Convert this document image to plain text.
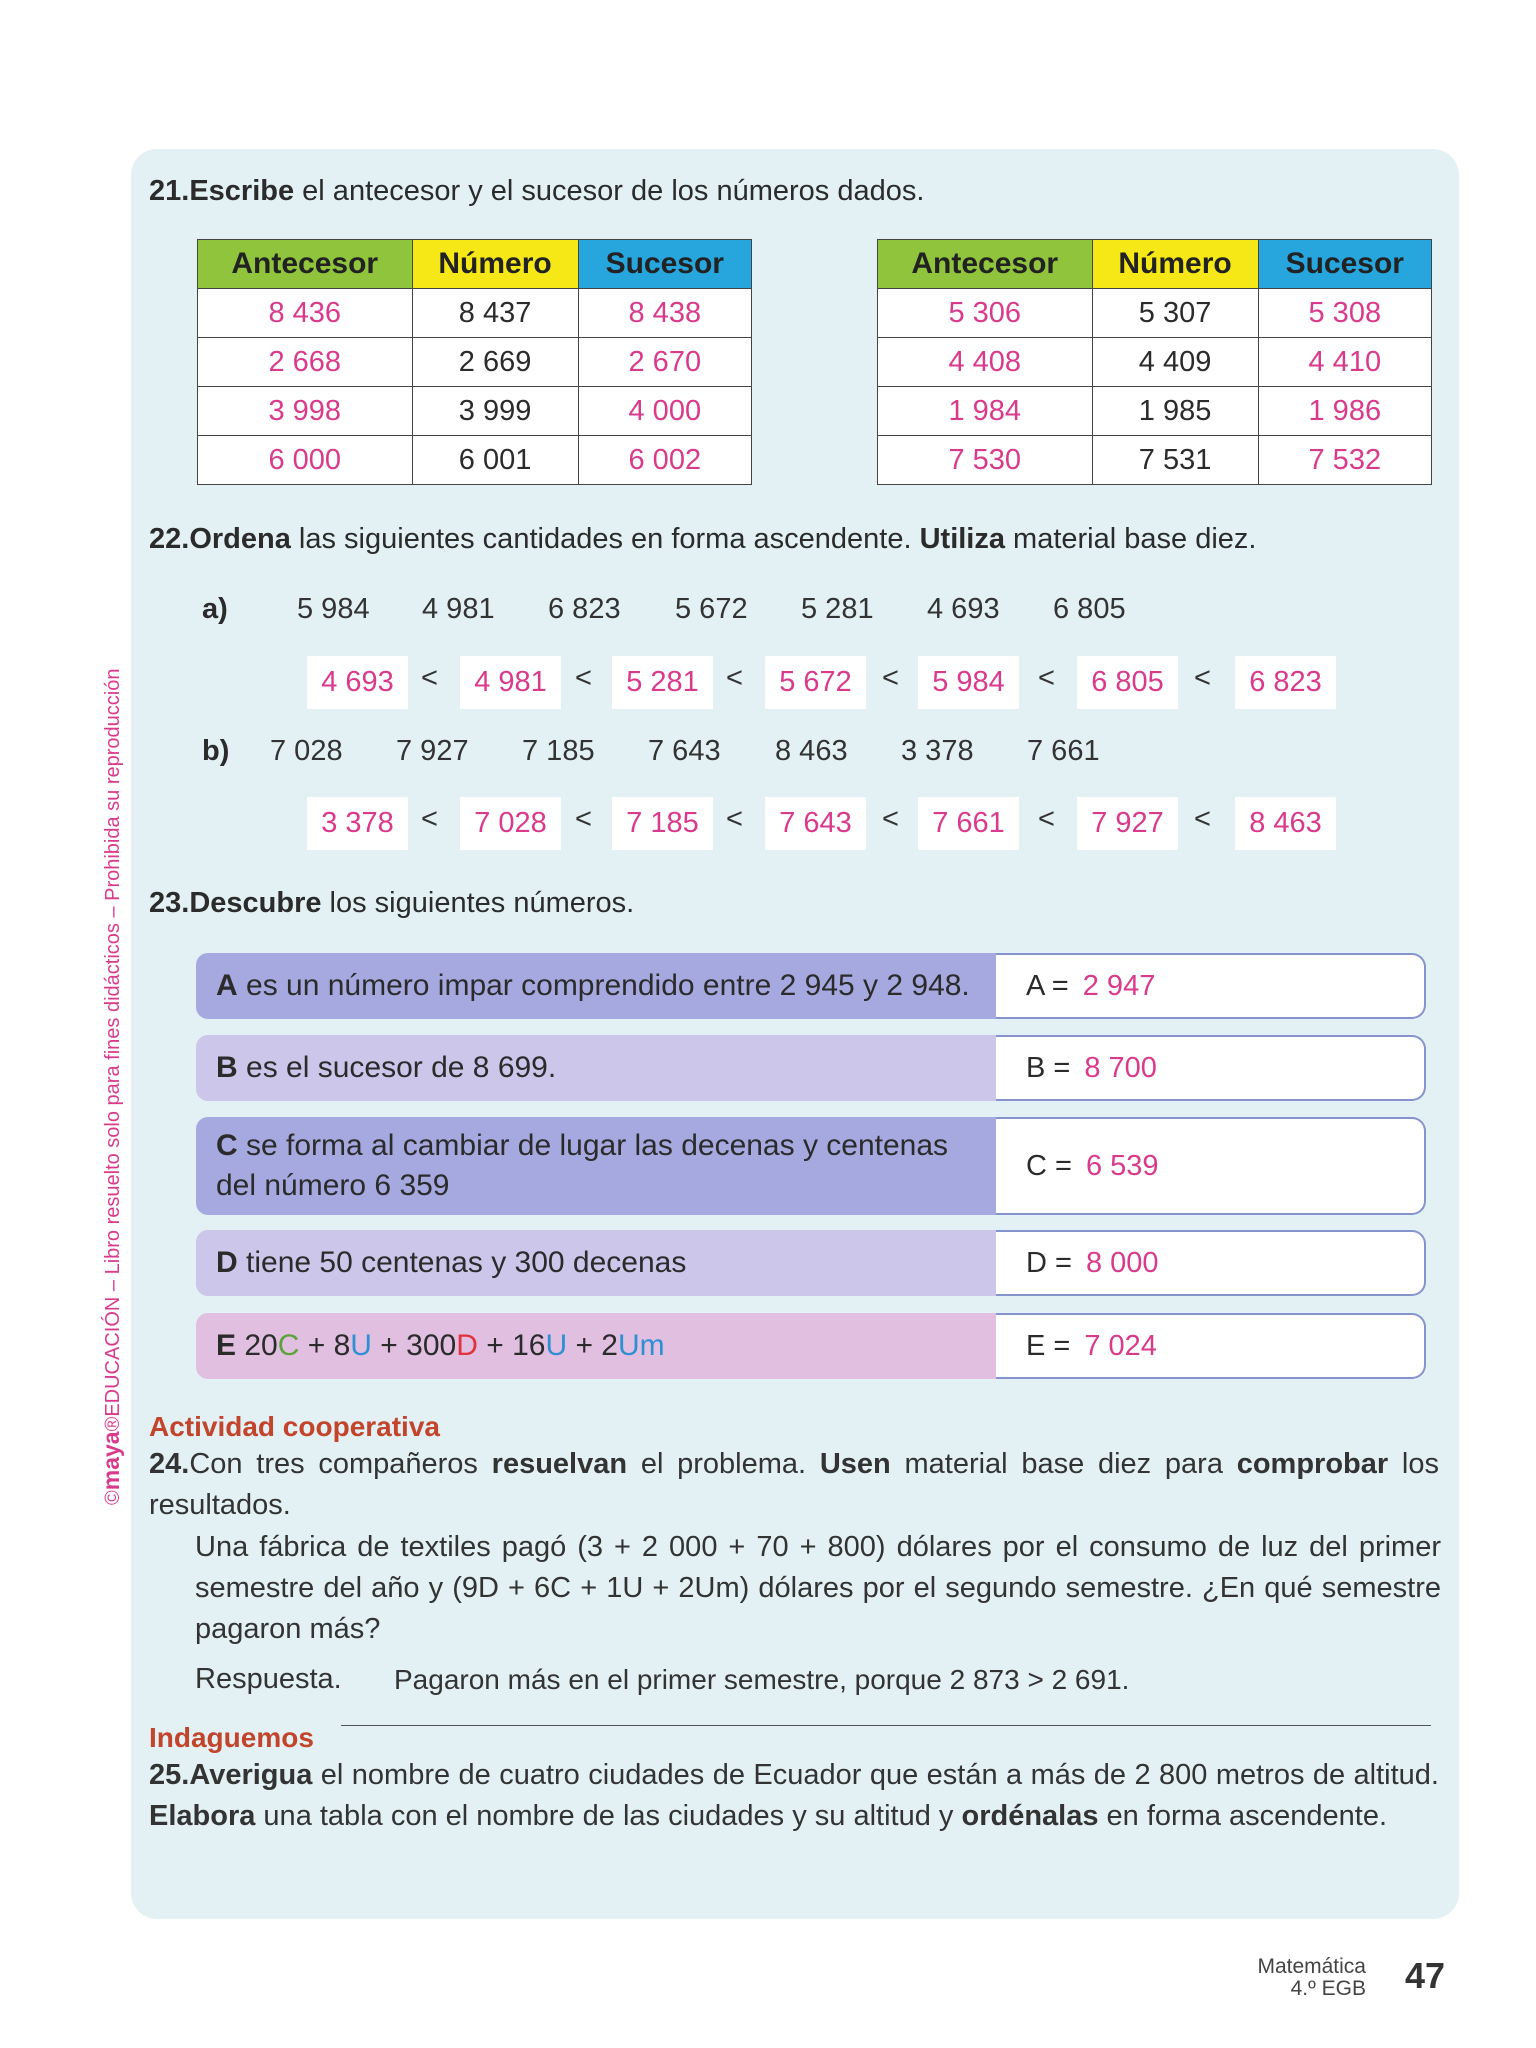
©maya®EDUCACIÓN – Libro resuelto solo para fines didácticos – Prohibida su reproducción
21.Escribe el antecesor y el sucesor de los números dados.
Antecesor	Número	Sucesor
8 436	8 437	8 438
2 668	2 669	2 670
3 998	3 999	4 000
6 000	6 001	6 002
Antecesor	Número	Sucesor
5 306	5 307	5 308
4 408	4 409	4 410
1 984	1 985	1 986
7 530	7 531	7 532
22.Ordena las siguientes cantidades en forma ascendente. Utiliza material base diez.
a) 5 984 4 981 6 823 5 672 5 281 4 693 6 805
4 693 <	4 981 <	5 281 <	5 672	<	5 984	<	6 805	<	6 823
b) 7 028 7 927 7 185 7 643 8 463 3 378 7 661
3 378 <	7 028 <	7 185 <	7 643	<	7 661	<	7 927	<	8 463
23.Descubre los siguientes números.
A es un número impar comprendido entre 2 945 y 2 948. A = 2 947
B es el sucesor de 8 699.	B = 8 700
C se forma al cambiar de lugar las decenas y centenas
del número 6 359
C = 6 539
D tiene 50 centenas y 300 decenas	D = 8 000
E 20C + 8U + 300D + 16U + 2Um	E = 7 024
Actividad cooperativa
24.Con tres compañeros resuelvan el problema. Usen material base diez para comprobar los resultados.
Una fábrica de textiles pagó (3 + 2 000 + 70 + 800) dólares por el consumo de luz del primer semestre del año y (9D + 6C + 1U + 2Um) dólares por el segundo semestre. ¿En qué semestre pagaron más?
Respuesta. Pagaron más en el primer semestre, porque 2 873 > 2 691.
Indaguemos
25.Averigua el nombre de cuatro ciudades de Ecuador que están a más de 2 800 metros de altitud. Elabora una tabla con el nombre de las ciudades y su altitud y ordénalas en forma ascendente.
Matemática
4.º EGB 47
